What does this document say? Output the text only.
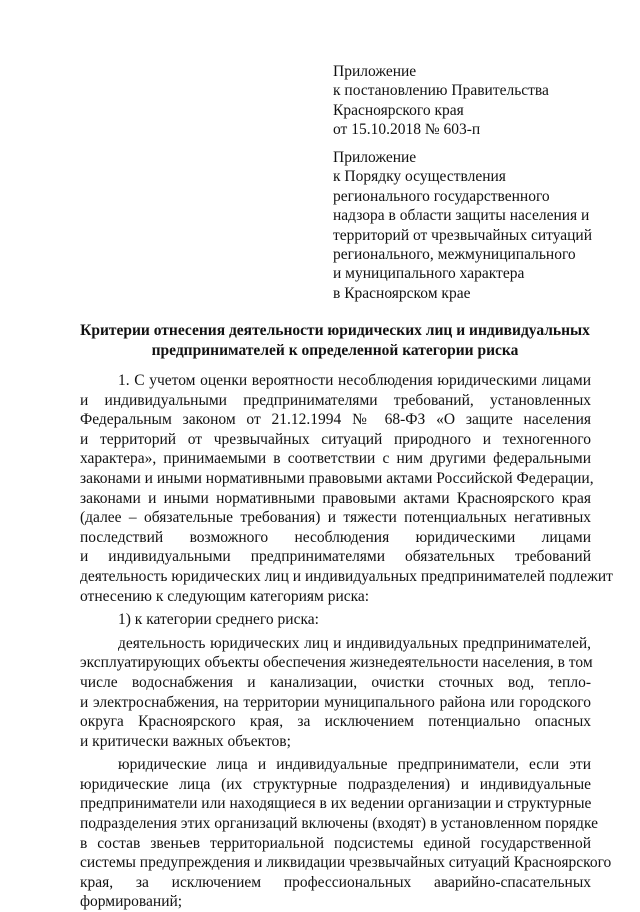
Приложение
к постановлению Правительства
Красноярского края
от 15.10.2018 № 603-п
Приложение
к Порядку осуществления
регионального государственного
надзора в области защиты населения и
территорий от чрезвычайных ситуаций
регионального, межмуниципального
и муниципального характера
в Красноярском крае
Критерии отнесения деятельности юридических лиц и индивидуальных
предпринимателей к определенной категории риска
1. С учетом оценки вероятности несоблюдения юридическими лицами
и индивидуальными предпринимателями требований, установленных
Федеральным законом от 21.12.1994 № 68-ФЗ «О защите населения
и территорий от чрезвычайных ситуаций природного и техногенного
характера», принимаемыми в соответствии с ним другими федеральными
законами и иными нормативными правовыми актами Российской Федерации,
законами и иными нормативными правовыми актами Красноярского края
(далее – обязательные требования) и тяжести потенциальных негативных
последствий возможного несоблюдения юридическими лицами
и индивидуальными предпринимателями обязательных требований
деятельность юридических лиц и индивидуальных предпринимателей подлежит
отнесению к следующим категориям риска:
1) к категории среднего риска:
деятельность юридических лиц и индивидуальных предпринимателей,
эксплуатирующих объекты обеспечения жизнедеятельности населения, в том
числе водоснабжения и канализации, очистки сточных вод, тепло-
и электроснабжения, на территории муниципального района или городского
округа Красноярского края, за исключением потенциально опасных
и критически важных объектов;
юридические лица и индивидуальные предприниматели, если эти
юридические лица (их структурные подразделения) и индивидуальные
предприниматели или находящиеся в их ведении организации и структурные
подразделения этих организаций включены (входят) в установленном порядке
в состав звеньев территориальной подсистемы единой государственной
системы предупреждения и ликвидации чрезвычайных ситуаций Красноярского
края, за исключением профессиональных аварийно-спасательных
формирований;
